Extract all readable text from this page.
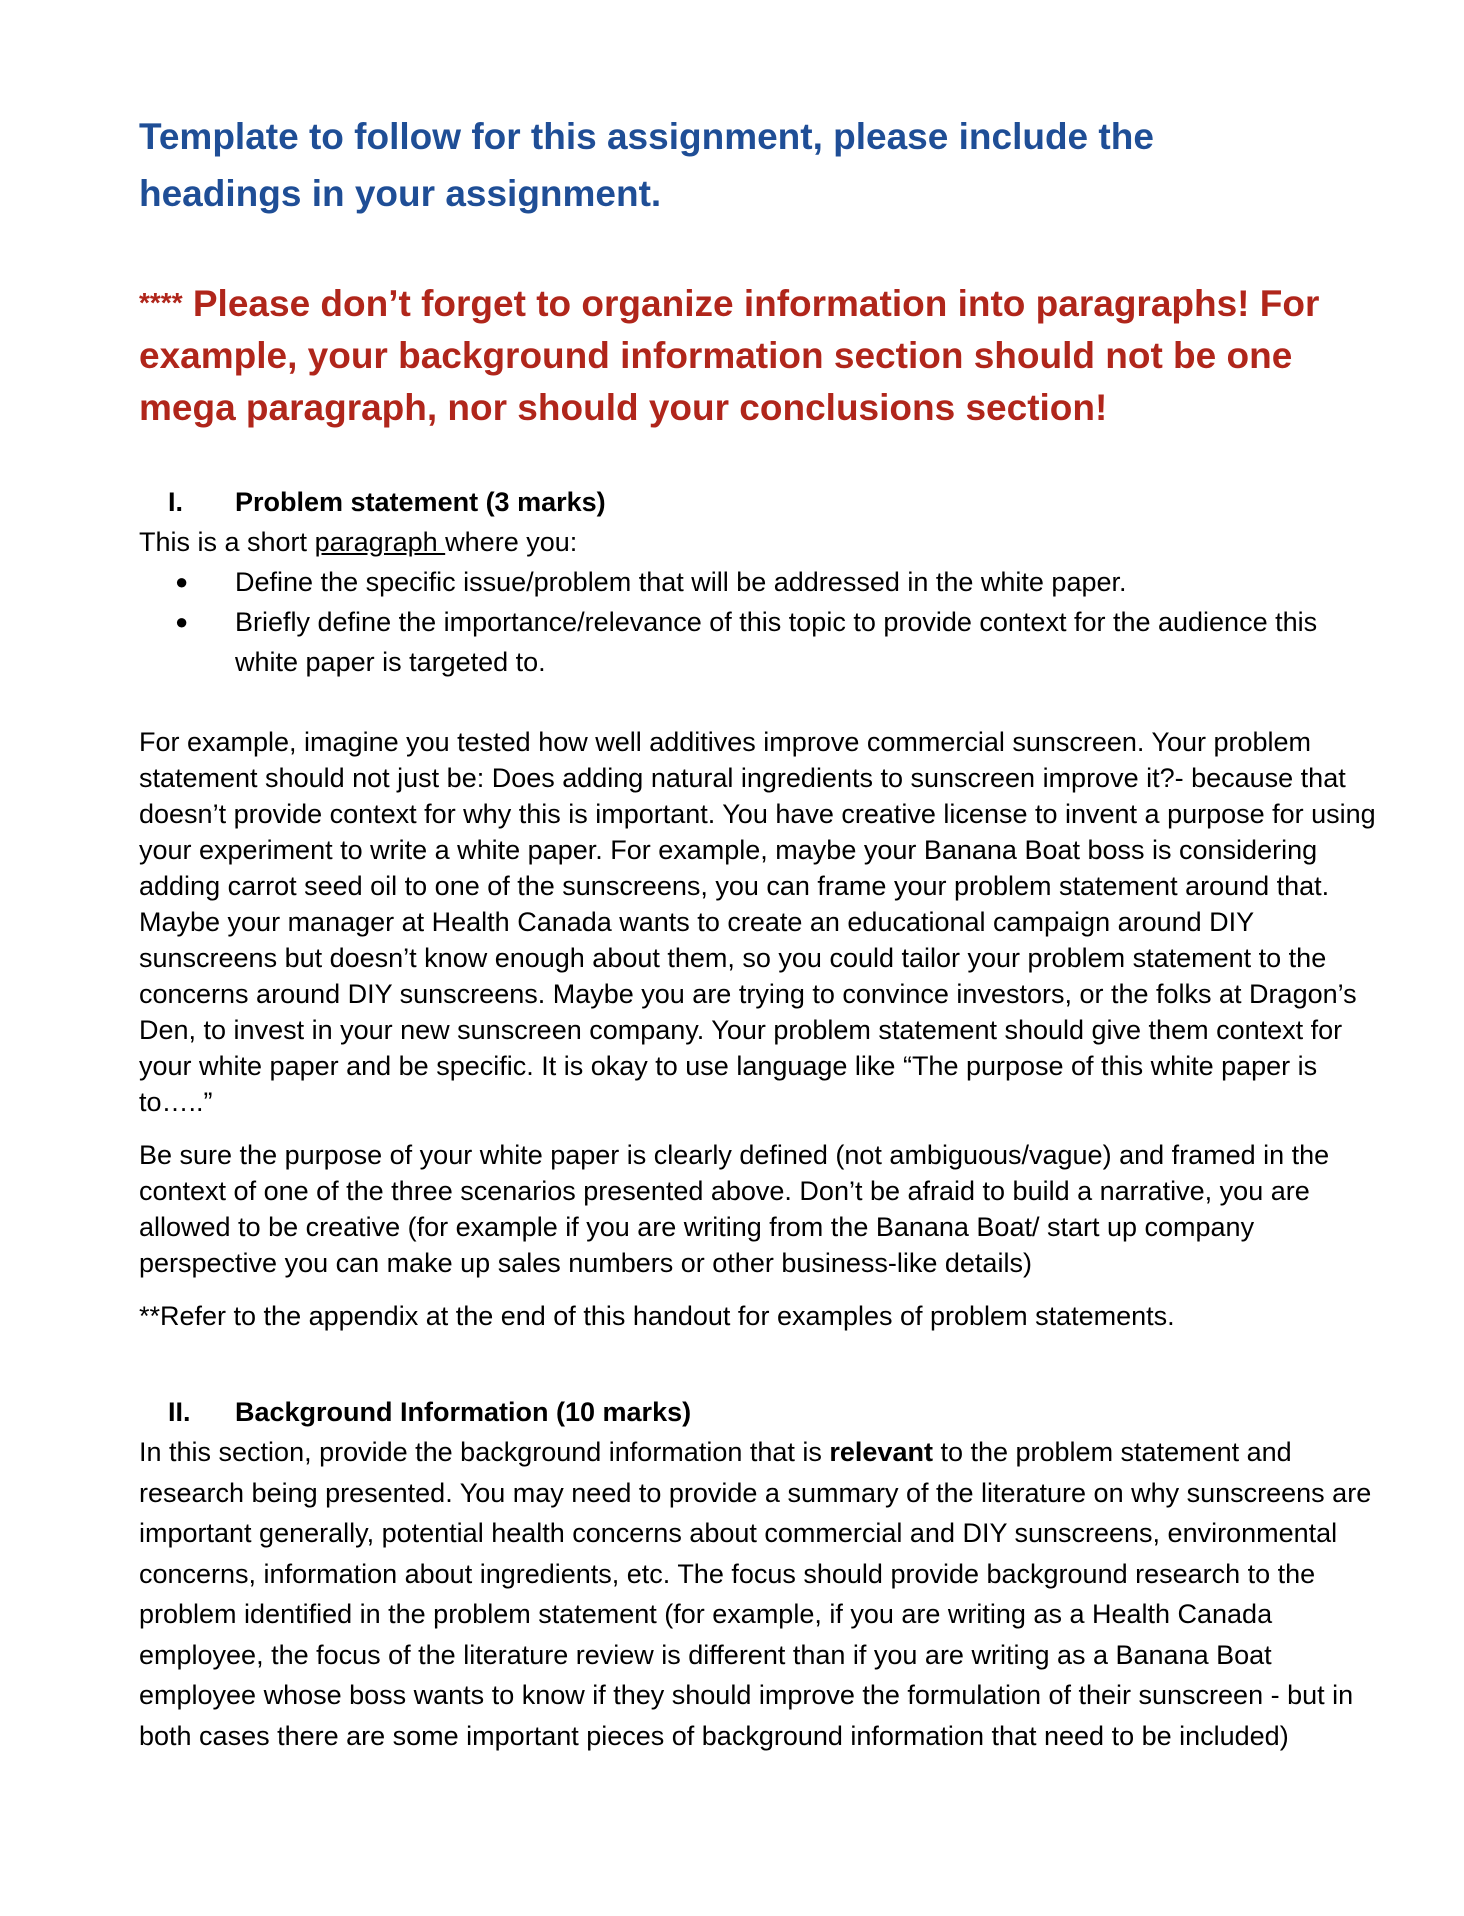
Template to follow for this assignment, please include the headings in your assignment.

**** Please don’t forget to organize information into paragraphs! For example, your background information section should not be one mega paragraph, nor should your conclusions section!

I. Problem statement (3 marks)

This is a short paragraph where you:

● Define the specific issue/problem that will be addressed in the white paper.
● Briefly define the importance/relevance of this topic to provide context for the audience this white paper is targeted to.

For example, imagine you tested how well additives improve commercial sunscreen. Your problem statement should not just be: Does adding natural ingredients to sunscreen improve it?- because that doesn’t provide context for why this is important. You have creative license to invent a purpose for using your experiment to write a white paper. For example, maybe your Banana Boat boss is considering adding carrot seed oil to one of the sunscreens, you can frame your problem statement around that. Maybe your manager at Health Canada wants to create an educational campaign around DIY sunscreens but doesn’t know enough about them, so you could tailor your problem statement to the concerns around DIY sunscreens. Maybe you are trying to convince investors, or the folks at Dragon’s Den, to invest in your new sunscreen company. Your problem statement should give them context for your white paper and be specific. It is okay to use language like “The purpose of this white paper is to…..”

Be sure the purpose of your white paper is clearly defined (not ambiguous/vague) and framed in the context of one of the three scenarios presented above. Don’t be afraid to build a narrative, you are allowed to be creative (for example if you are writing from the Banana Boat/ start up company perspective you can make up sales numbers or other business-like details)

**Refer to the appendix at the end of this handout for examples of problem statements.

II. Background Information (10 marks)

In this section, provide the background information that is relevant to the problem statement and research being presented. You may need to provide a summary of the literature on why sunscreens are important generally, potential health concerns about commercial and DIY sunscreens, environmental concerns, information about ingredients, etc. The focus should provide background research to the problem identified in the problem statement (for example, if you are writing as a Health Canada employee, the focus of the literature review is different than if you are writing as a Banana Boat employee whose boss wants to know if they should improve the formulation of their sunscreen - but in both cases there are some important pieces of background information that need to be included)
